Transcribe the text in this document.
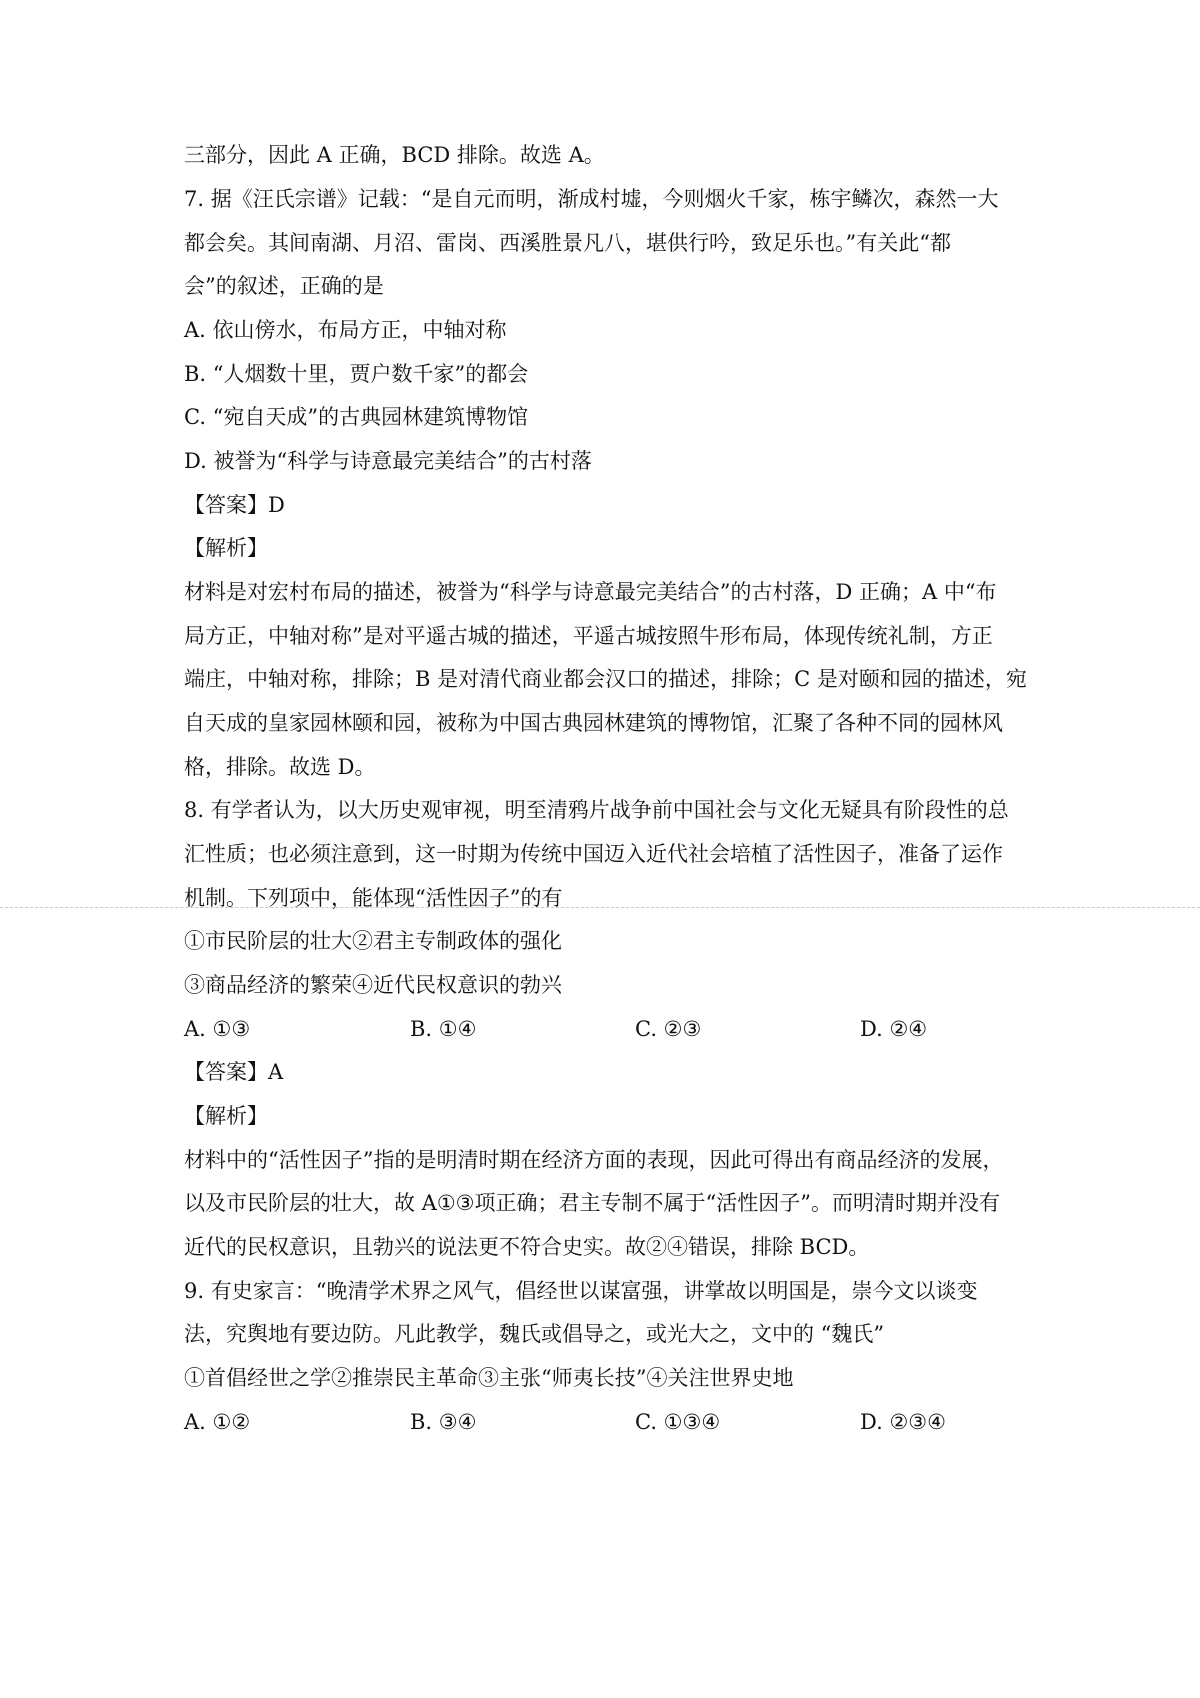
三部分，因此 A 正确，BCD 排除。故选 A。
7. 据《汪氏宗谱》记载：“是自元而明，渐成村墟，今则烟火千家，栋宇鳞次，森然一大
都会矣。其间南湖、月沼、雷岗、西溪胜景凡八，堪供行吟，致足乐也。”有关此“都
会”的叙述，正确的是
A. 依山傍水，布局方正，中轴对称
B. “人烟数十里，贾户数千家”的都会
C. “宛自天成”的古典园林建筑博物馆
D. 被誉为“科学与诗意最完美结合”的古村落
【答案】D
【解析】
材料是对宏村布局的描述，被誉为“科学与诗意最完美结合”的古村落，D 正确；A 中“布
局方正，中轴对称”是对平遥古城的描述，平遥古城按照牛形布局，体现传统礼制，方正
端庄，中轴对称，排除；B 是对清代商业都会汉口的描述，排除；C 是对颐和园的描述，宛
自天成的皇家园林颐和园，被称为中国古典园林建筑的博物馆，汇聚了各种不同的园林风
格，排除。故选 D。
8. 有学者认为，以大历史观审视，明至清鸦片战争前中国社会与文化无疑具有阶段性的总
汇性质；也必须注意到，这一时期为传统中国迈入近代社会培植了活性因子，准备了运作
机制。下列项中，能体现“活性因子”的有
①市民阶层的壮大②君主专制政体的强化
③商品经济的繁荣④近代民权意识的勃兴
A. ①③	B. ①④	C. ②③	D. ②④
【答案】A
【解析】
材料中的“活性因子”指的是明清时期在经济方面的表现，因此可得出有商品经济的发展，
以及市民阶层的壮大，故 A①③项正确；君主专制不属于“活性因子”。而明清时期并没有
近代的民权意识，且勃兴的说法更不符合史实。故②④错误，排除 BCD。
9. 有史家言：“晚清学术界之风气，倡经世以谋富强，讲掌故以明国是，崇今文以谈变
法，究舆地有要边防。凡此教学，魏氏或倡导之，或光大之，文中的 “魏氏”
①首倡经世之学②推崇民主革命③主张“师夷长技”④关注世界史地
A. ①②	B. ③④	C. ①③④	D. ②③④
